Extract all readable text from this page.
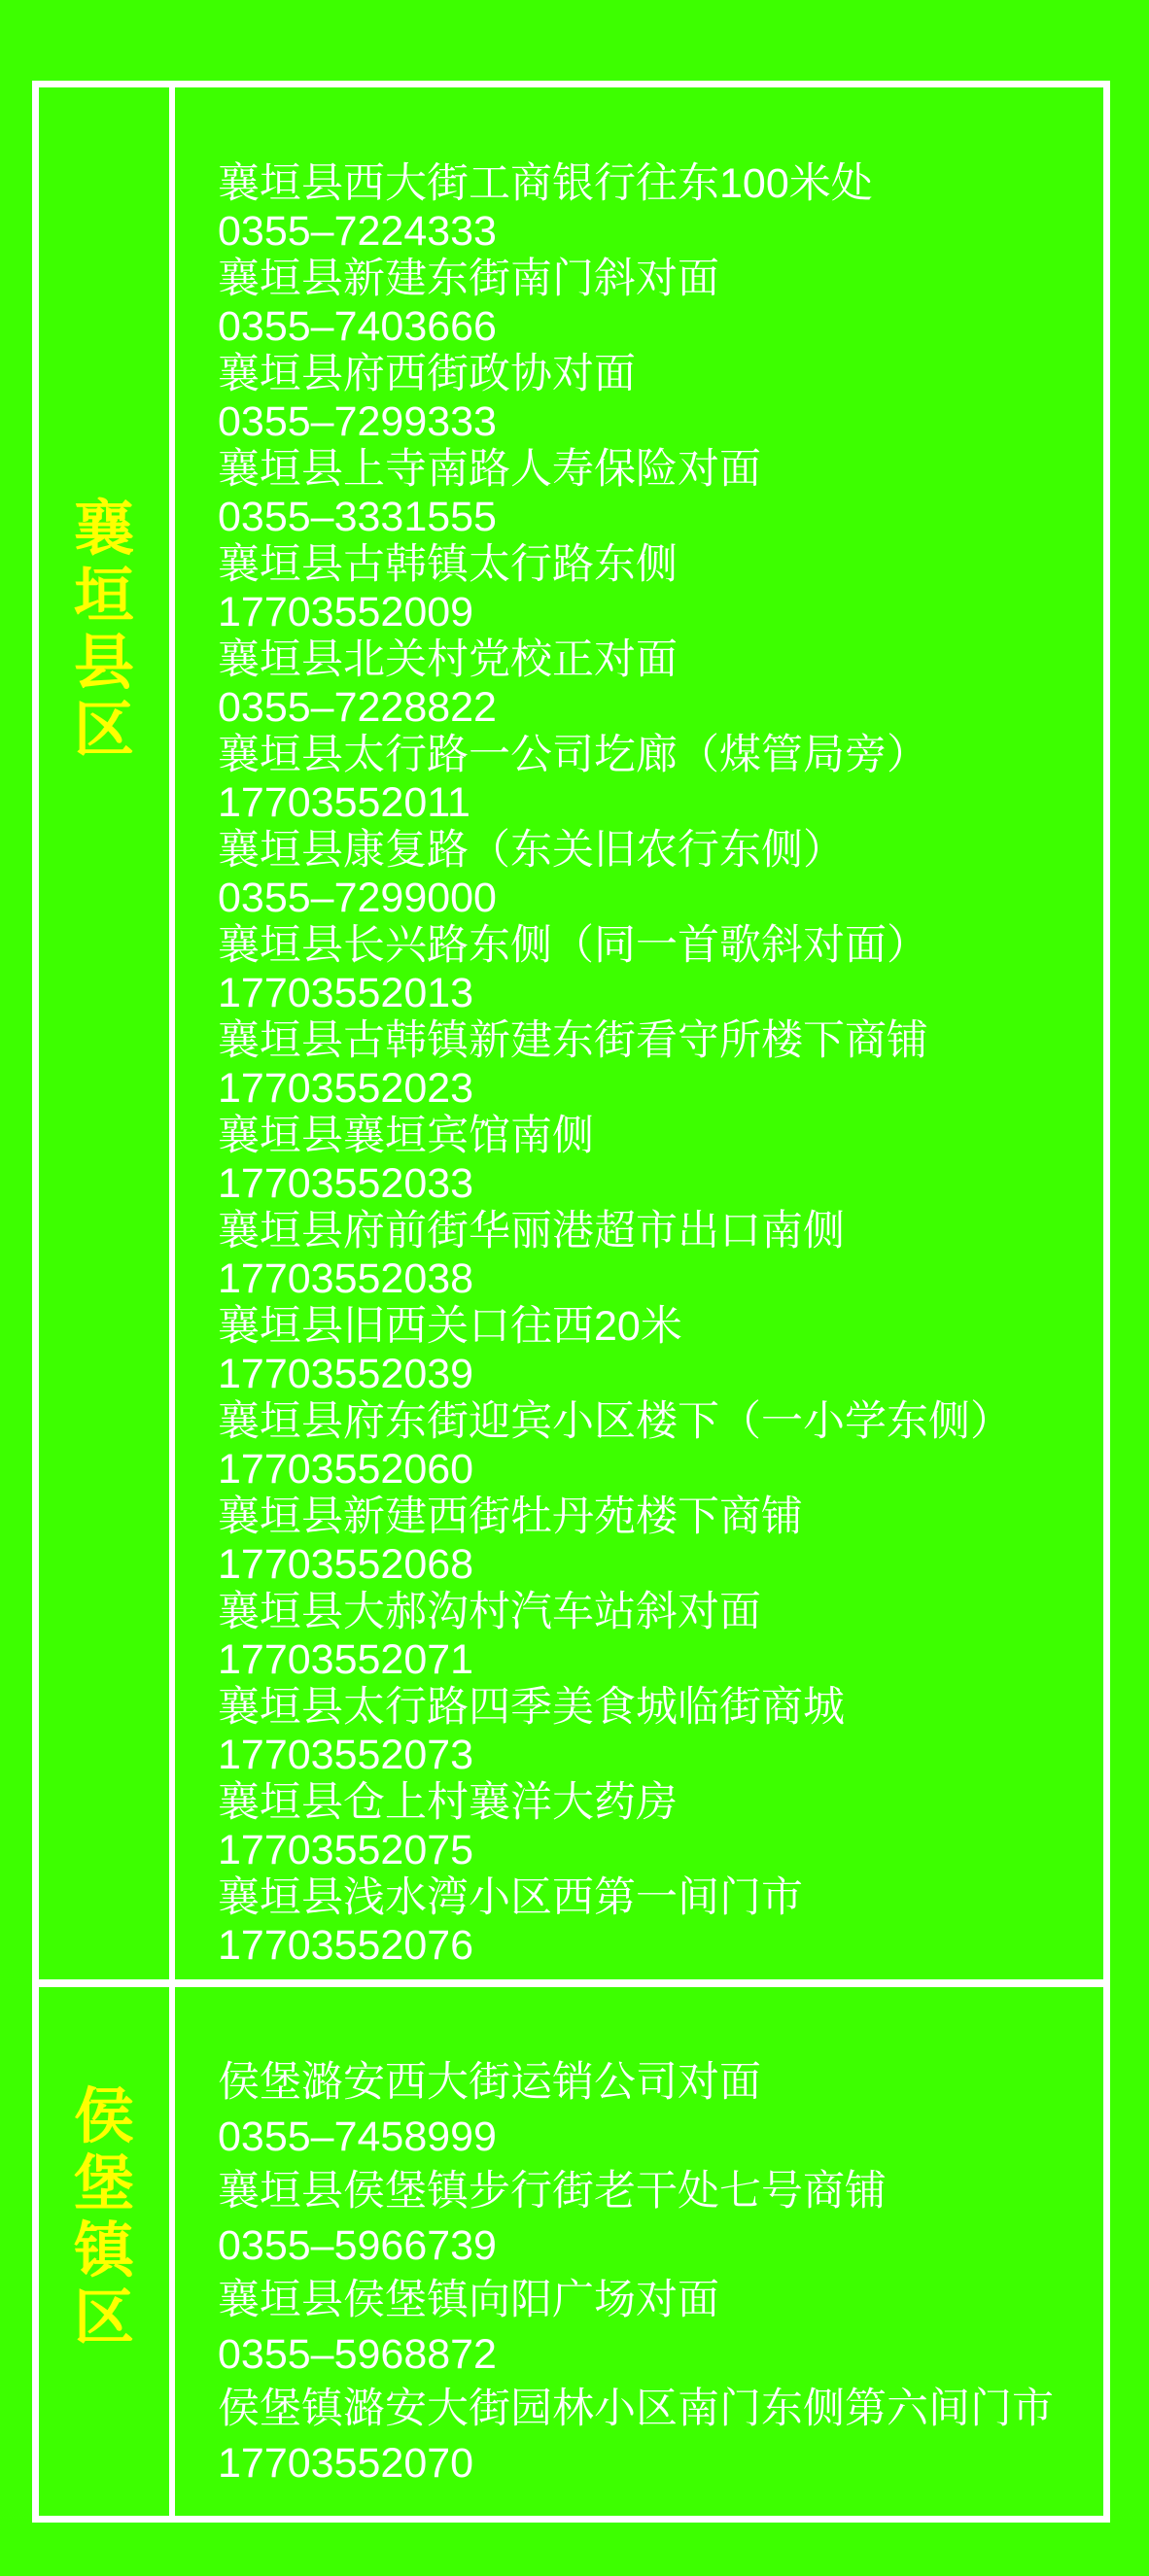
襄垣县区
襄垣县西大街工商银行往东100米处
0355–7224333
襄垣县新建东街南门斜对面
0355–7403666
襄垣县府西街政协对面
0355–7299333
襄垣县上寺南路人寿保险对面
0355–3331555
襄垣县古韩镇太行路东侧
17703552009
襄垣县北关村党校正对面
0355–7228822
襄垣县太行路一公司圪廊（煤管局旁）
17703552011
襄垣县康复路（东关旧农行东侧）
0355–7299000
襄垣县长兴路东侧（同一首歌斜对面）
17703552013
襄垣县古韩镇新建东街看守所楼下商铺
17703552023
襄垣县襄垣宾馆南侧
17703552033
襄垣县府前街华丽港超市出口南侧
17703552038
襄垣县旧西关口往西20米
17703552039
襄垣县府东街迎宾小区楼下（一小学东侧）
17703552060
襄垣县新建西街牡丹苑楼下商铺
17703552068
襄垣县大郝沟村汽车站斜对面
17703552071
襄垣县太行路四季美食城临街商城
17703552073
襄垣县仓上村襄洋大药房
17703552075
襄垣县浅水湾小区西第一间门市
17703552076
侯堡镇区
侯堡潞安西大街运销公司对面
0355–7458999
襄垣县侯堡镇步行街老干处七号商铺
0355–5966739
襄垣县侯堡镇向阳广场对面
0355–5968872
侯堡镇潞安大街园林小区南门东侧第六间门市
17703552070
